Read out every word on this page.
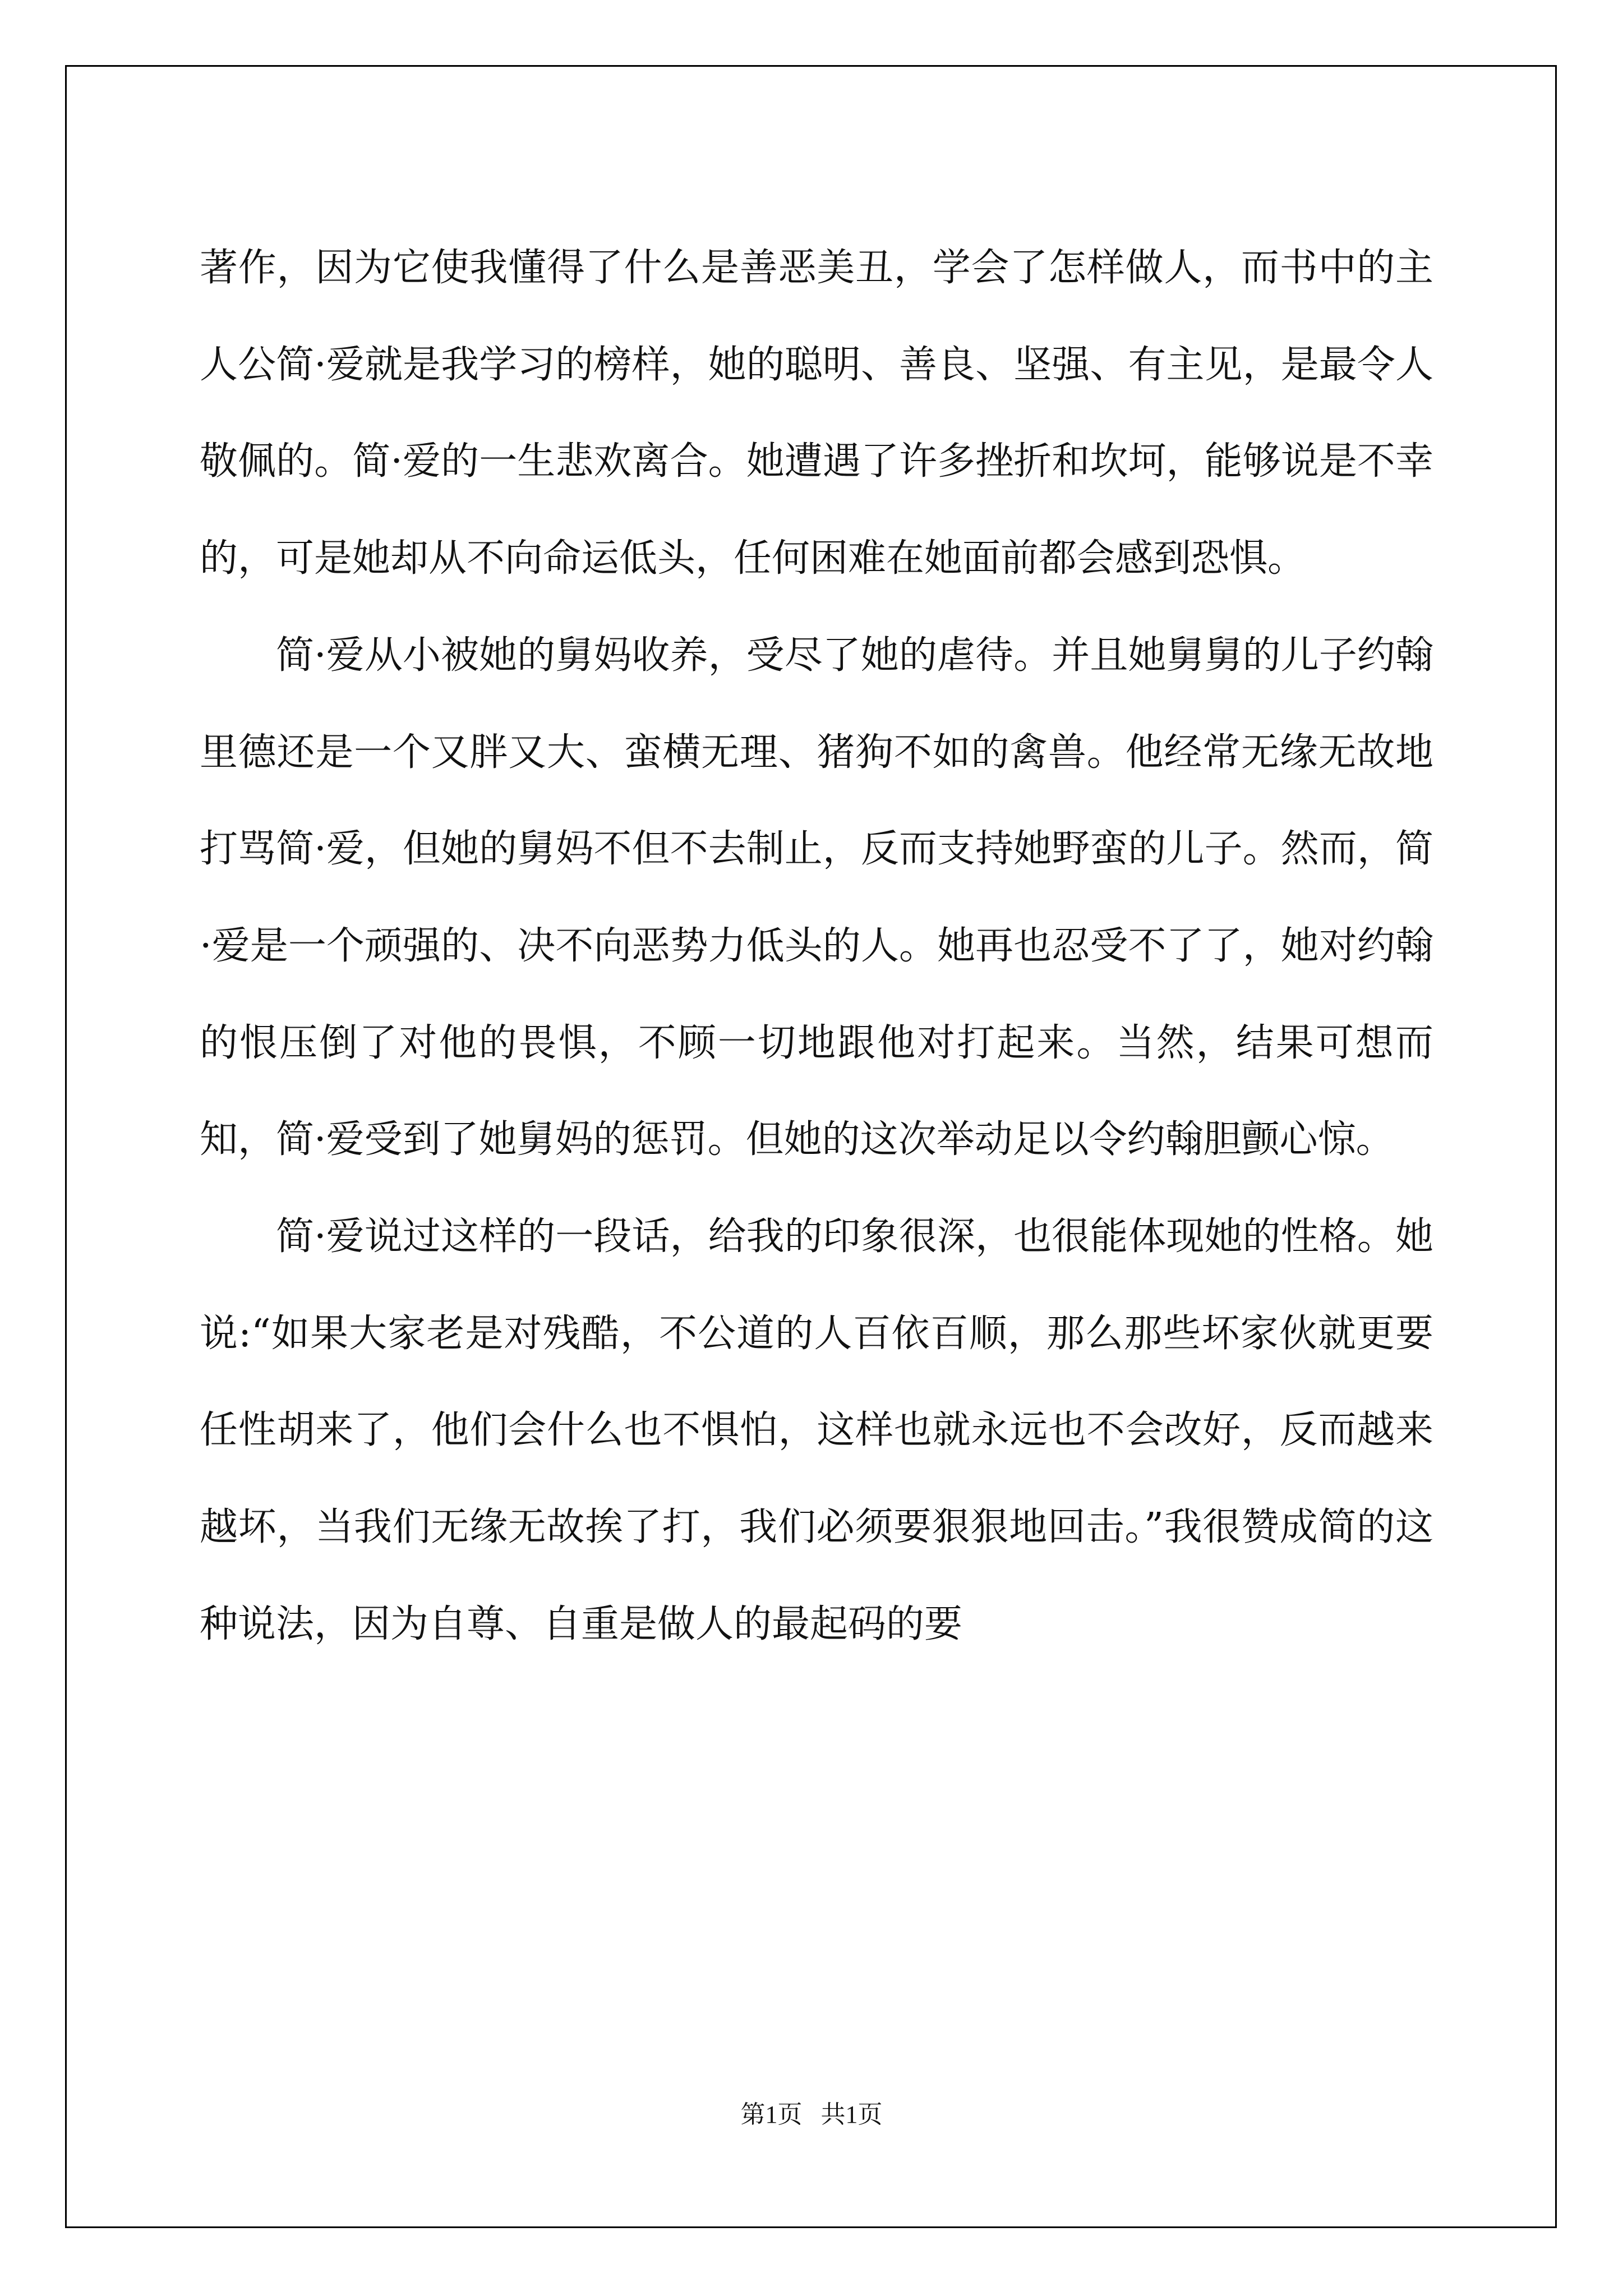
著作，因为它使我懂得了什么是善恶美丑，学会了怎样做人，而书中的主人公简·爱就是我学习的榜样，她的聪明、善良、坚强、有主见，是最令人敬佩的。简·爱的一生悲欢离合。她遭遇了许多挫折和坎坷，能够说是不幸的，可是她却从不向命运低头，任何困难在她面前都会感到恐惧。

简·爱从小被她的舅妈收养，受尽了她的虐待。并且她舅舅的儿子约翰里德还是一个又胖又大、蛮横无理、猪狗不如的禽兽。他经常无缘无故地打骂简·爱，但她的舅妈不但不去制止，反而支持她野蛮的儿子。然而，简·爱是一个顽强的、决不向恶势力低头的人。她再也忍受不了了，她对约翰的恨压倒了对他的畏惧，不顾一切地跟他对打起来。当然，结果可想而知，简·爱受到了她舅妈的惩罚。但她的这次举动足以令约翰胆颤心惊。

简·爱说过这样的一段话，给我的印象很深，也很能体现她的性格。她说:“如果大家老是对残酷，不公道的人百依百顺，那么那些坏家伙就更要任性胡来了，他们会什么也不惧怕，这样也就永远也不会改好，反而越来越坏，当我们无缘无故挨了打，我们必须要狠狠地回击。”我很赞成简的这种说法，因为自尊、自重是做人的最起码的要

第1页 共1页
